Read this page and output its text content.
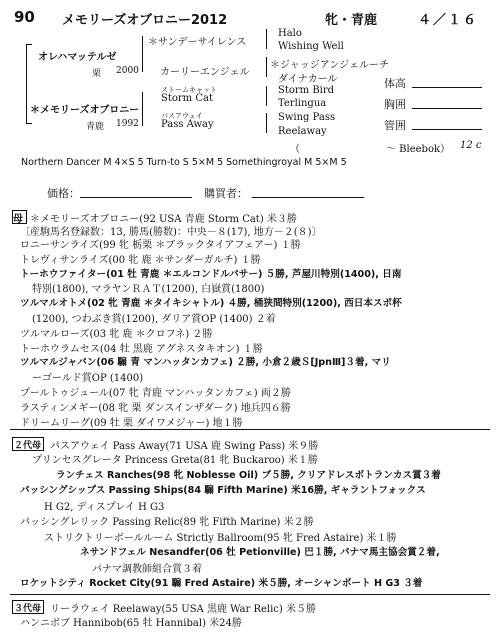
90 メモリーズオブロニー2012	牝・青鹿	４／１６
オレハマッテルゼ
栗 2000
＊メモリーズオブロニー
青鹿 1992
＊サンデーサイレンス
カーリーエンジェル
ストームキャット
Storm Cat
パスアウェイ
Pass Away
Halo
Wishing Well
＊ジャッジアンジェルーチ
ダイナカール
Storm Bird
Terlingua
Swing Pass
Reelaway
（	〜 Bleebok） 12 c
体高
胸囲
管囲
Northern Dancer M 4×S 5 Turn-to S 5×M 5 Somethingroyal M 5×M 5
価格：	購買者：
母 ＊メモリーズオブロニー(92 USA 青鹿 Storm Cat) 米３勝
〔産駒馬名登録数：13, 勝馬(勝数)：中央－８(17), 地方－２(８)〕
ロニーサンライズ(99 牝 栃栗 ＊ブラックタイアフェアー) １勝
トレヴィサンライズ(00 牝 鹿 ＊サンダーガルチ) １勝
トーホウファイター(01 牡 青鹿 ＊エルコンドルパサー) ５勝, 芦屋川特別(1400), 日南
特別(1800), マラヤンＲＡＴ(1200), 白嶽賞(1800)
ツルマルオトメ(02 牝 青鹿 ＊タイキシャトル) ４勝, 桶狭間特別(1200), 西日本スポ杯
(1200), つわぶき賞(1200), ダリア賞OP (1400) ２着
ツルマルローズ(03 牝 鹿 ＊クロフネ) ２勝
トーホウラムセス(04 牡 黒鹿 アグネスタキオン) １勝
ツルマルジャパン(06 騸 青 マンハッタンカフェ) ２勝, 小倉２歳Ｓ[JpnⅢ]３着, マリ
ーゴールド賞OP (1400)
プールトゥジュール(07 牝 青鹿 マンハッタンカフェ) 両２勝
ラスティンメギー(08 牝 栗 ダンスインザダーク) 地兵四６勝
ドリームリーグ(09 牡 栗 ダイワメジャー) 地１勝
２代母 パスアウェイ Pass Away(71 USA 鹿 Swing Pass) 米９勝
プリンセスグレータ Princess Greta(81 牝 Buckaroo) 米１勝
ランチェス Ranches(98 牝 Noblesse Oil) ブ５勝, クリアドレスボトランカス賞３着
パッシングシップス Passing Ships(84 騸 Fifth Marine) 米16勝, ギャラントフォックス
H G2, ディスプレイ H G3
パッシングレリック Passing Relic(89 牝 Fifth Marine) 米２勝
ストリクトリーボールルーム Strictly Ballroom(95 牝 Fred Astaire) 米１勝
ネサンドフェル Nesandfer(06 牡 Petionville) 巴１勝, パナマ馬主協会賞２着,
パナマ調教師組合賞３着
ロケットシティ Rocket City(91 騸 Fred Astaire) 米５勝, オーシャンボート H G3 ３着
３代母 リーラウェイ Reelaway(55 USA 黒鹿 War Relic) 米５勝
ハンニボブ Hannibob(65 牡 Hannibal) 米24勝
